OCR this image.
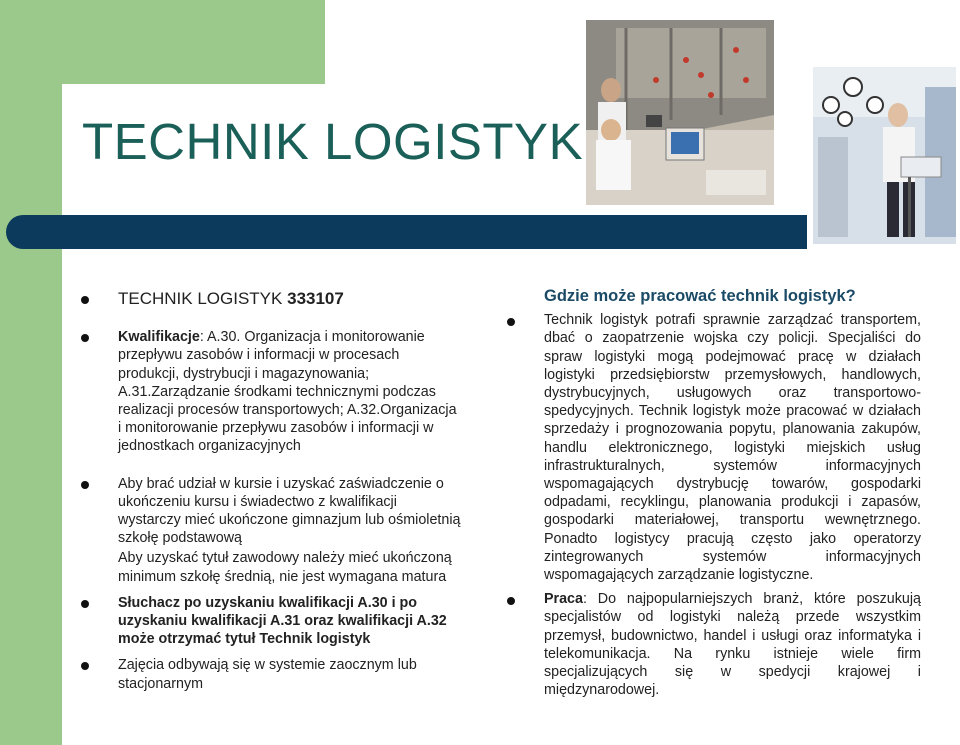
TECHNIK LOGISTYK
TECHNIK LOGISTYK 333107
Kwalifikacje: A.30. Organizacja i monitorowanie przepływu zasobów i informacji w procesach produkcji, dystrybucji i magazynowania; A.31.Zarządzanie środkami technicznymi podczas realizacji procesów transportowych; A.32.Organizacja i monitorowanie przepływu zasobów i informacji w jednostkach organizacyjnych

Aby brać udział w kursie i uzyskać zaświadczenie o ukończeniu kursu i świadectwo z kwalifikacji wystarczy mieć ukończone gimnazjum lub ośmioletnią szkołę podstawową

Aby uzyskać tytuł zawodowy należy mieć ukończoną minimum szkołę średnią, nie jest wymagana matura

Słuchacz po uzyskaniu kwalifikacji A.30 i po uzyskaniu kwalifikacji A.31 oraz kwalifikacji A.32 może otrzymać tytuł Technik logistyk
Zajęcia odbywają się w systemie zaocznym lub stacjonarnym
Gdzie może pracować technik logistyk?
Technik logistyk potrafi sprawnie zarządzać transportem, dbać o zaopatrzenie wojska czy policji. Specjaliści do spraw logistyki mogą podejmować pracę w działach logistyki przedsiębiorstw przemysłowych, handlowych, dystrybucyjnych, usługowych oraz transportowo-spedycyjnych. Technik logistyk może pracować w działach sprzedaży i prognozowania popytu, planowania zakupów, handlu elektronicznego, logistyki miejskich usług infrastrukturalnych, systemów informacyjnych wspomagających dystrybucję towarów, gospodarki odpadami, recyklingu, planowania produkcji i zapasów, gospodarki materiałowej, transportu wewnętrznego. Ponadto logistycy pracują często jako operatorzy zintegrowanych systemów informacyjnych wspomagających zarządzanie logistyczne.
Praca: Do najpopularniejszych branż, które poszukują specjalistów od logistyki należą przede wszystkim przemysł, budownictwo, handel i usługi oraz informatyka i telekomunikacja. Na rynku istnieje wiele firm specjalizujących się w spedycji krajowej i międzynarodowej.
